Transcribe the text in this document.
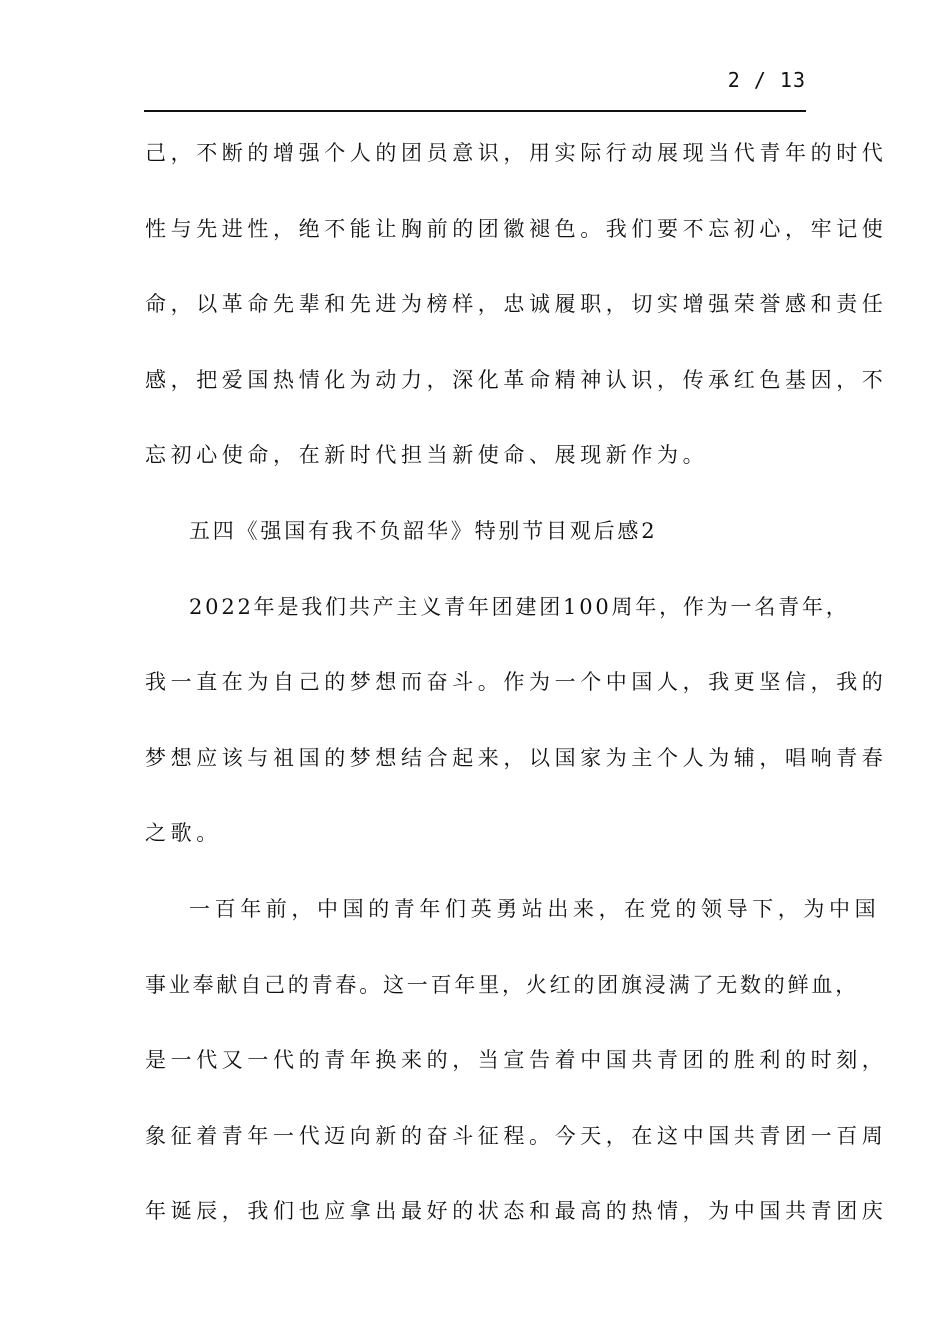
2 / 13
己，不断的增强个人的团员意识，用实际行动展现当代青年的时代
性与先进性，绝不能让胸前的团徽褪色。我们要不忘初心，牢记使
命，以革命先辈和先进为榜样，忠诚履职，切实增强荣誉感和责任
感，把爱国热情化为动力，深化革命精神认识，传承红色基因，不
忘初心使命，在新时代担当新使命、展现新作为。
五四《强国有我不负韶华》特别节目观后感2
2022年是我们共产主义青年团建团100周年，作为一名青年，
我一直在为自己的梦想而奋斗。作为一个中国人，我更坚信，我的
梦想应该与祖国的梦想结合起来，以国家为主个人为辅，唱响青春
之歌。
一百年前，中国的青年们英勇站出来，在党的领导下，为中国
事业奉献自己的青春。这一百年里，火红的团旗浸满了无数的鲜血，
是一代又一代的青年换来的，当宣告着中国共青团的胜利的时刻，
象征着青年一代迈向新的奋斗征程。今天，在这中国共青团一百周
年诞辰，我们也应拿出最好的状态和最高的热情，为中国共青团庆
